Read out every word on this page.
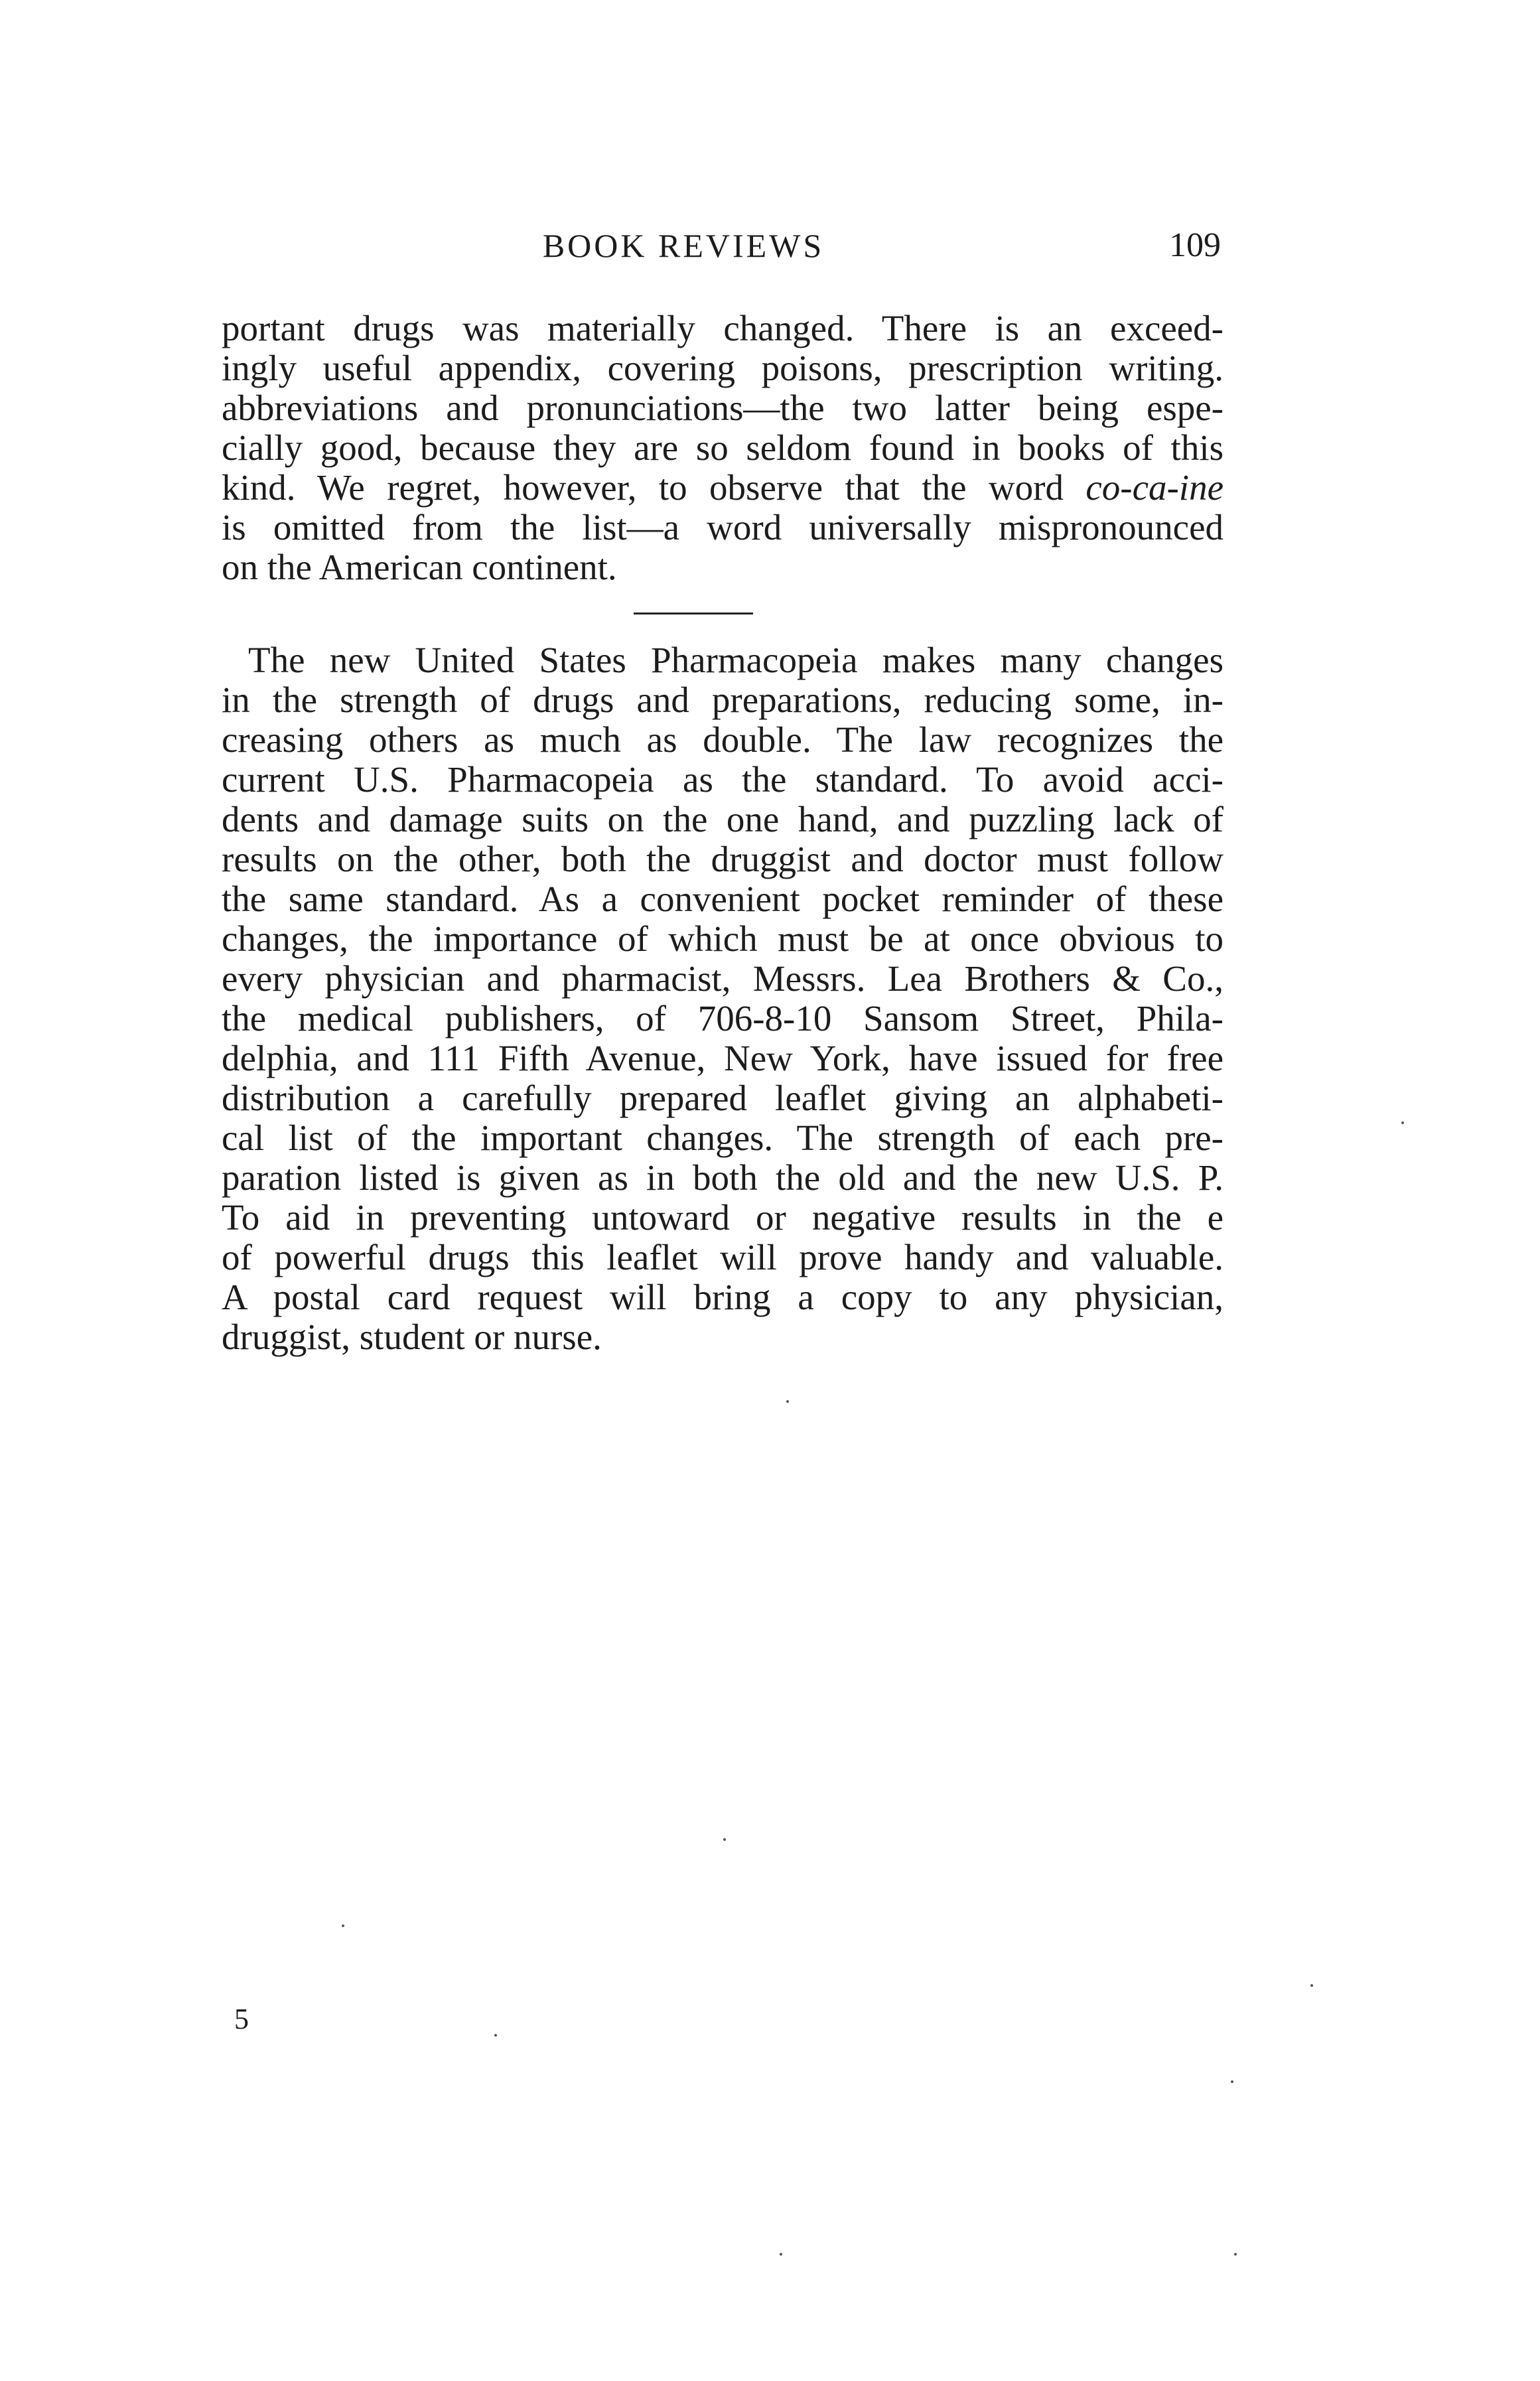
BOOK REVIEWS	109
portant drugs was materially changed. There is an exceed-
ingly useful appendix, covering poisons, prescription writing.
abbreviations and pronunciations—the two latter being espe-
cially good, because they are so seldom found in books of this
kind. We regret, however, to observe that the word co-ca-ine
is omitted from the list—a word universally mispronounced
on the American continent.
The new United States Pharmacopeia makes many changes
in the strength of drugs and preparations, reducing some, in-
creasing others as much as double. The law recognizes the
current U.S. Pharmacopeia as the standard. To avoid acci-
dents and damage suits on the one hand, and puzzling lack of
results on the other, both the druggist and doctor must follow
the same standard. As a convenient pocket reminder of these
changes, the importance of which must be at once obvious to
every physician and pharmacist, Messrs. Lea Brothers & Co.,
the medical publishers, of 706-8-10 Sansom Street, Phila-
delphia, and 111 Fifth Avenue, New York, have issued for free
distribution a carefully prepared leaflet giving an alphabeti-
cal list of the important changes. The strength of each pre-
paration listed is given as in both the old and the new U.S. P.
To aid in preventing untoward or negative results in the e
of powerful drugs this leaflet will prove handy and valuable.
A postal card request will bring a copy to any physician,
druggist, student or nurse.
5
